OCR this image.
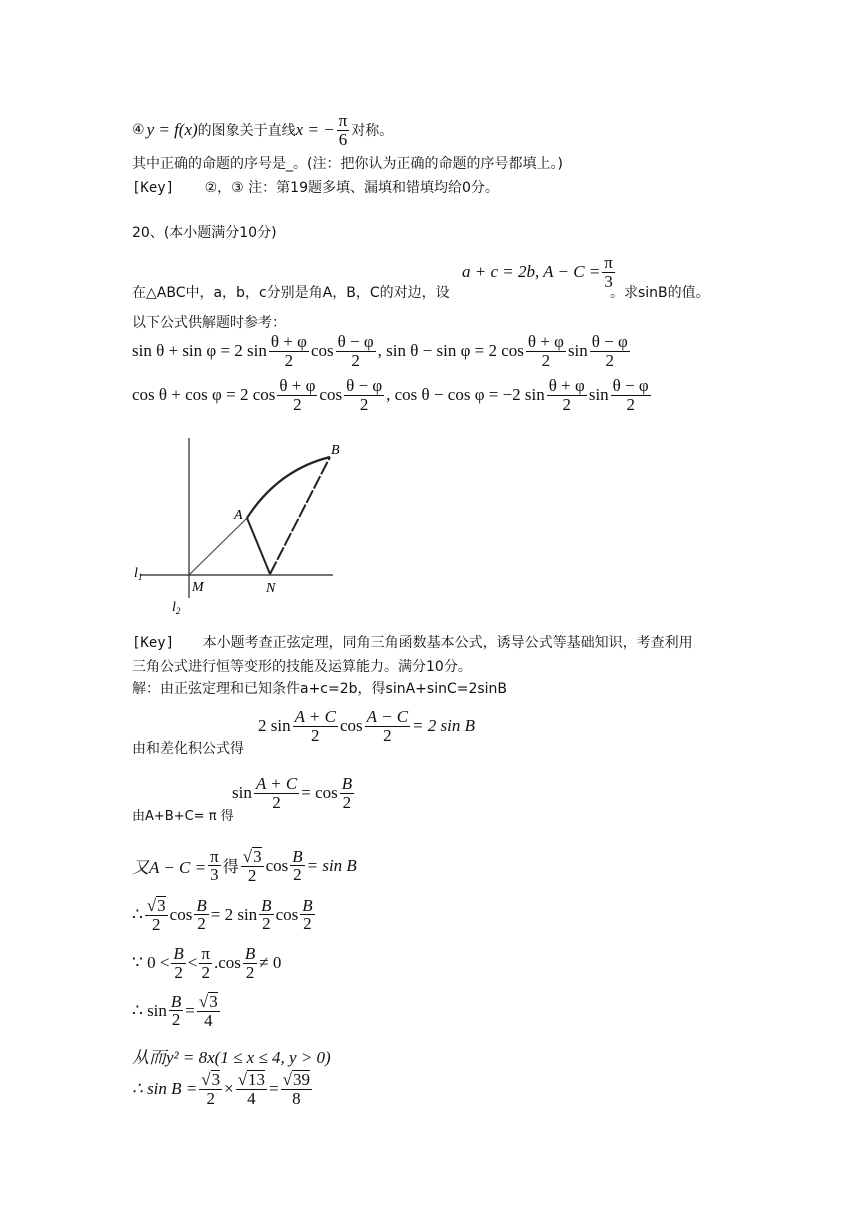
④ y = f(x) 的图象关于直线 x = − $\frac{\pi}{6}$ 对称。
其中正确的命题的序号是_。(注：把你认为正确的命题的序号都填上。)
[Key] ②，③ 注：第19题多填、漏填和错填均给0分。
20、(本小题满分10分)
a + c = 2b, $A - C = \frac{\pi}{3}$
在△ABC中，a，b，c分别是角A，B，C的对边，设	。求sinB的值。
以下公式供解题时参考：
sin θ + sin φ = 2 $\sin \frac{\theta + \varphi}{2}$ $\cos \frac{\theta - \varphi}{2}$ , sin θ − sin φ = 2 $\cos \frac{\theta + \varphi}{2}$ $\sin \frac{\theta - \varphi}{2}$
cos θ + cos φ = 2 $\cos \frac{\theta + \varphi}{2}$ $\cos \frac{\theta - \varphi}{2}$ , cos θ − cos φ = −2 $\sin \frac{\theta + \varphi}{2}$ $\sin \frac{\theta - \varphi}{2}$
A
B
M	N
$l_1$
$l_2$
[Key] 本小题考查正弦定理，同角三角函数基本公式，诱导公式等基础知识，考查利用
三角公式进行恒等变形的技能及运算能力。满分10分。
解：由正弦定理和已知条件a+c=2b，得sinA+sinC=2sinB
由和差化积公式得
2 $\sin \frac{A + C}{2}$ $\cos \frac{A - C}{2} = 2$ sin B
由A+B+C= π 得
$\sin \frac{A + C}{2} = \cos \frac{B}{2}$
又$A - C = \frac{\pi}{3}$ 得 $\frac{√3}{2}$ $\cos \frac{B}{2} = \sin B$
∴ $\frac{√3}{2}$ $\cos \frac{B}{2} = 2$ $\sin \frac{B}{2}$ $\cos \frac{B}{2}$
∵ $0 < \frac{B}{2} < \frac{\pi}{2} .\cos \frac{B}{2} \ne 0$
∴ $\sin \frac{B}{2} = \frac{√3}{4}$
从而y² = 8x(1 ≤ x ≤ 4, y > 0)
∴ $\sin B = \frac{√3}{2} \times \frac{√13}{4} = \frac{√39}{8}$
